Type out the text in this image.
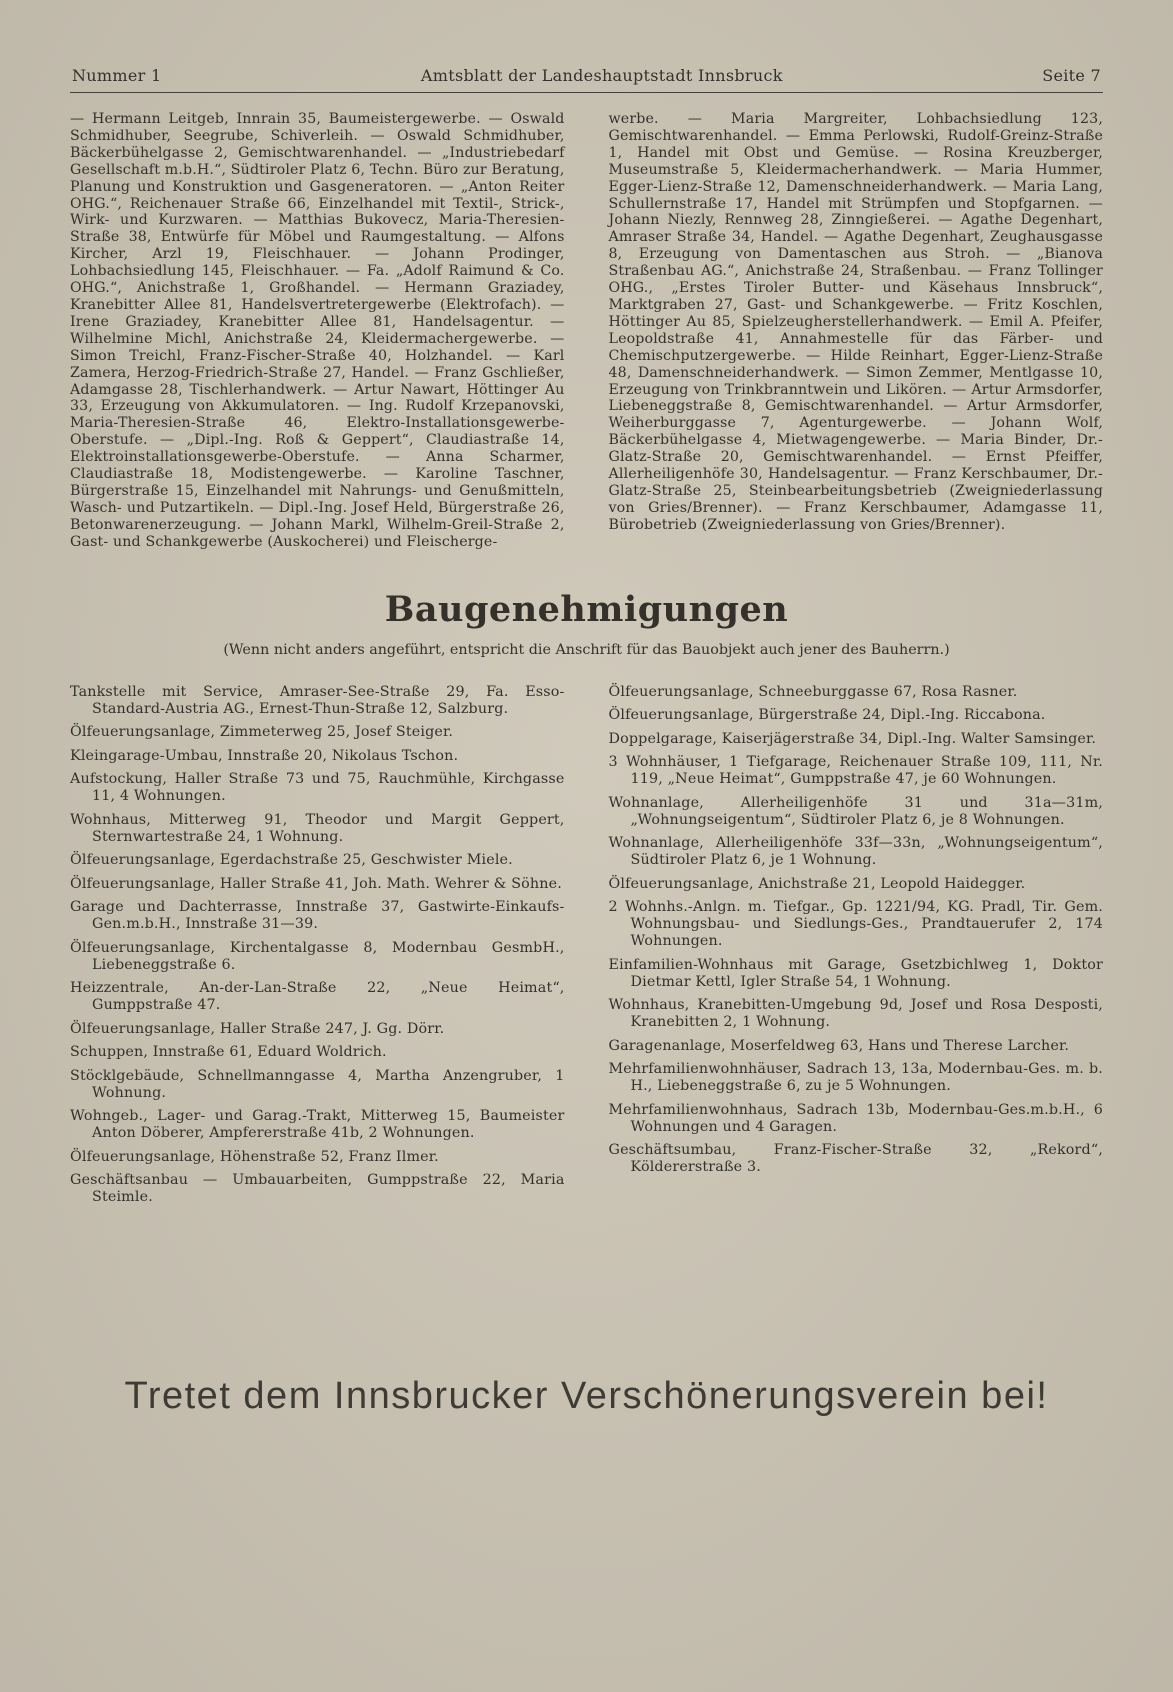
Nummer 1	Amtsblatt der Landeshauptstadt Innsbruck	Seite 7
— Hermann Leitgeb, Innrain 35, Baumeistergewerbe. — Oswald Schmidhuber, Seegrube, Schiverleih. — Oswald Schmidhuber, Bäckerbühelgasse 2, Gemischtwarenhandel. — „Industriebedarf Gesellschaft m.b.H.“, Südtiroler Platz 6, Techn. Büro zur Beratung, Planung und Konstruktion und Gasgeneratoren. — „Anton Reiter OHG.“, Reichenauer Straße 66, Einzelhandel mit Textil-, Strick-, Wirk- und Kurzwaren. — Matthias Bukovecz, Maria-Theresien-Straße 38, Entwürfe für Möbel und Raumgestaltung. — Alfons Kircher, Arzl 19, Fleischhauer. — Johann Prodinger, Lohbachsiedlung 145, Fleischhauer. — Fa. „Adolf Raimund & Co. OHG.“, Anichstraße 1, Großhandel. — Hermann Graziadey, Kranebitter Allee 81, Handelsvertretergewerbe (Elektrofach). — Irene Graziadey, Kranebitter Allee 81, Handelsagentur. — Wilhelmine Michl, Anichstraße 24, Kleidermachergewerbe. — Simon Treichl, Franz-Fischer-Straße 40, Holzhandel. — Karl Zamera, Herzog-Friedrich-Straße 27, Handel. — Franz Gschließer, Adamgasse 28, Tischlerhandwerk. — Artur Nawart, Höttinger Au 33, Erzeugung von Akkumulatoren. — Ing. Rudolf Krzepanovski, Maria-Theresien-Straße 46, Elektro-Installationsgewerbe-Oberstufe. — „Dipl.-Ing. Roß & Geppert“, Claudiastraße 14, Elektroinstallationsgewerbe-Oberstufe. — Anna Scharmer, Claudiastraße 18, Modistengewerbe. — Karoline Taschner, Bürgerstraße 15, Einzelhandel mit Nahrungs- und Genußmitteln, Wasch- und Putzartikeln. — Dipl.-Ing. Josef Held, Bürgerstraße 26, Betonwarenerzeugung. — Johann Markl, Wilhelm-Greil-Straße 2, Gast- und Schankgewerbe (Auskocherei) und Fleischerge-
werbe. — Maria Margreiter, Lohbachsiedlung 123, Gemischtwarenhandel. — Emma Perlowski, Rudolf-Greinz-Straße 1, Handel mit Obst und Gemüse. — Rosina Kreuzberger, Museumstraße 5, Kleidermacherhandwerk. — Maria Hummer, Egger-Lienz-Straße 12, Damenschneiderhandwerk. — Maria Lang, Schullernstraße 17, Handel mit Strümpfen und Stopfgarnen. — Johann Niezly, Rennweg 28, Zinngießerei. — Agathe Degenhart, Amraser Straße 34, Handel. — Agathe Degenhart, Zeughausgasse 8, Erzeugung von Damentaschen aus Stroh. — „Bianova Straßenbau AG.“, Anichstraße 24, Straßenbau. — Franz Tollinger OHG., „Erstes Tiroler Butter- und Käsehaus Innsbruck“, Marktgraben 27, Gast- und Schankgewerbe. — Fritz Koschlen, Höttinger Au 85, Spielzeugherstellerhandwerk. — Emil A. Pfeifer, Leopoldstraße 41, Annahmestelle für das Färber- und Chemischputzergewerbe. — Hilde Reinhart, Egger-Lienz-Straße 48, Damenschneiderhandwerk. — Simon Zemmer, Mentlgasse 10, Erzeugung von Trinkbranntwein und Likören. — Artur Armsdorfer, Liebeneggstraße 8, Gemischtwarenhandel. — Artur Armsdorfer, Weiherburggasse 7, Agenturgewerbe. — Johann Wolf, Bäckerbühelgasse 4, Mietwagengewerbe. — Maria Binder, Dr.-Glatz-Straße 20, Gemischtwarenhandel. — Ernst Pfeiffer, Allerheiligenhöfe 30, Handelsagentur. — Franz Kerschbaumer, Dr.-Glatz-Straße 25, Steinbearbeitungsbetrieb (Zweigniederlassung von Gries/Brenner). — Franz Kerschbaumer, Adamgasse 11, Bürobetrieb (Zweigniederlassung von Gries/Brenner).
Baugenehmigungen

(Wenn nicht anders angeführt, entspricht die Anschrift für das Bauobjekt auch jener des Bauherrn.)

Tankstelle mit Service, Amraser-See-Straße 29, Fa. Esso-Standard-Austria AG., Ernest-Thun-Straße 12, Salzburg.

Ölfeuerungsanlage, Zimmeterweg 25, Josef Steiger.

Kleingarage-Umbau, Innstraße 20, Nikolaus Tschon.

Aufstockung, Haller Straße 73 und 75, Rauchmühle, Kirchgasse 11, 4 Wohnungen.

Wohnhaus, Mitterweg 91, Theodor und Margit Geppert, Sternwartestraße 24, 1 Wohnung.

Ölfeuerungsanlage, Egerdachstraße 25, Geschwister Miele.

Ölfeuerungsanlage, Haller Straße 41, Joh. Math. Wehrer & Söhne.

Garage und Dachterrasse, Innstraße 37, Gastwirte-Einkaufs-Gen.m.b.H., Innstraße 31—39.

Ölfeuerungsanlage, Kirchentalgasse 8, Modernbau GesmbH., Liebeneggstraße 6.

Heizzentrale, An-der-Lan-Straße 22, „Neue Heimat“, Gumppstraße 47.

Ölfeuerungsanlage, Haller Straße 247, J. Gg. Dörr.

Schuppen, Innstraße 61, Eduard Woldrich.

Stöcklgebäude, Schnellmanngasse 4, Martha Anzengruber, 1 Wohnung.

Wohngeb., Lager- und Garag.-Trakt, Mitterweg 15, Baumeister Anton Döberer, Ampfererstraße 41b, 2 Wohnungen.

Ölfeuerungsanlage, Höhenstraße 52, Franz Ilmer.

Geschäftsanbau — Umbauarbeiten, Gumppstraße 22, Maria Steimle.

Ölfeuerungsanlage, Schneeburggasse 67, Rosa Rasner.

Ölfeuerungsanlage, Bürgerstraße 24, Dipl.-Ing. Riccabona.

Doppelgarage, Kaiserjägerstraße 34, Dipl.-Ing. Walter Samsinger.

3 Wohnhäuser, 1 Tiefgarage, Reichenauer Straße 109, 111, Nr. 119, „Neue Heimat“, Gumppstraße 47, je 60 Wohnungen.

Wohnanlage, Allerheiligenhöfe 31 und 31a—31m, „Wohnungseigentum“, Südtiroler Platz 6, je 8 Wohnungen.

Wohnanlage, Allerheiligenhöfe 33f—33n, „Wohnungseigentum“, Südtiroler Platz 6, je 1 Wohnung.

Ölfeuerungsanlage, Anichstraße 21, Leopold Haidegger.

2 Wohnhs.-Anlgn. m. Tiefgar., Gp. 1221/94, KG. Pradl, Tir. Gem. Wohnungsbau- und Siedlungs-Ges., Prandtauerufer 2, 174 Wohnungen.

Einfamilien-Wohnhaus mit Garage, Gsetzbichlweg 1, Doktor Dietmar Kettl, Igler Straße 54, 1 Wohnung.

Wohnhaus, Kranebitten-Umgebung 9d, Josef und Rosa Desposti, Kranebitten 2, 1 Wohnung.

Garagenanlage, Moserfeldweg 63, Hans und Therese Larcher.

Mehrfamilienwohnhäuser, Sadrach 13, 13a, Modernbau-Ges. m. b. H., Liebeneggstraße 6, zu je 5 Wohnungen.

Mehrfamilienwohnhaus, Sadrach 13b, Modernbau-Ges.m.b.H., 6 Wohnungen und 4 Garagen.

Geschäftsumbau, Franz-Fischer-Straße 32, „Rekord“, Köldererstraße 3.

Tretet dem Innsbrucker Verschönerungsverein bei!
